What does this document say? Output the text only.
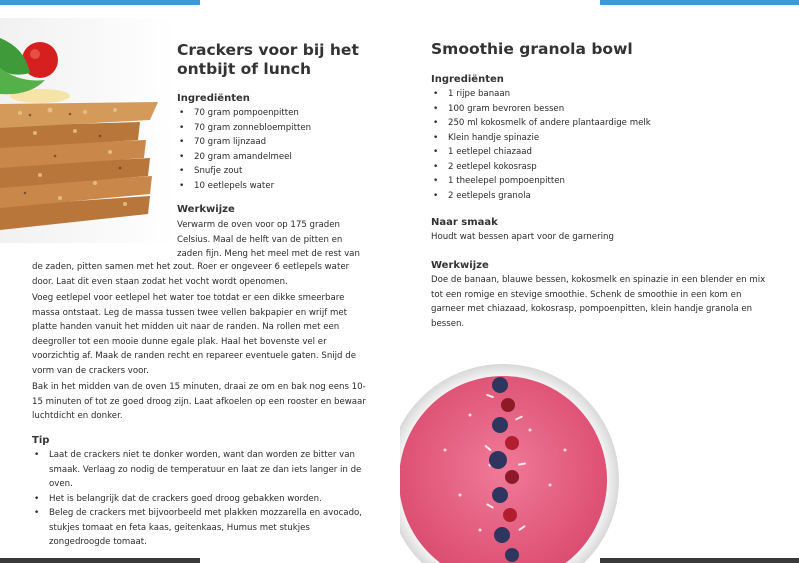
Crackers voor bij het ontbijt of lunch
Ingrediënten
• 70 gram pompoenpitten
• 70 gram zonnebloempitten
• 70 gram lijnzaad
• 20 gram amandelmeel
• Snufje zout
• 10 eetlepels water
Werkwijze
Verwarm de oven voor op 175 graden Celsius. Maal de helft van de pitten en zaden fijn. Meng het meel met de rest van
de zaden, pitten samen met het zout. Roer er ongeveer 6 eetlepels water door. Laat dit even staan zodat het vocht wordt openomen.
Voeg eetlepel voor eetlepel het water toe totdat er een dikke smeerbare massa ontstaat. Leg de massa tussen twee vellen bakpapier en wrijf met platte handen vanuit het midden uit naar de randen. Na rollen met een deegroller tot een mooie dunne egale plak. Haal het bovenste vel er voorzichtig af. Maak de randen recht en repareer eventuele gaten. Snijd de vorm van de crackers voor.
Bak in het midden van de oven 15 minuten, draai ze om en bak nog eens 10-15 minuten of tot ze goed droog zijn. Laat afkoelen op een rooster en bewaar luchtdicht en donker.
Tip
• Laat de crackers niet te donker worden, want dan worden ze bitter van smaak. Verlaag zo nodig de temperatuur en laat ze dan iets langer in de oven.
• Het is belangrijk dat de crackers goed droog gebakken worden.
• Beleg de crackers met bijvoorbeeld met plakken mozzarella en avocado, stukjes tomaat en feta kaas, geitenkaas, Humus met stukjes zongedroogde tomaat.
Smoothie granola bowl
Ingrediënten
• 1 rijpe banaan
• 100 gram bevroren bessen
• 250 ml kokosmelk of andere plantaardige melk
• Klein handje spinazie
• 1 eetlepel chiazaad
• 2 eetlepel kokosrasp
• 1 theelepel pompoenpitten
• 2 eetlepels granola
Naar smaak
Houdt wat bessen apart voor de garnering
Werkwijze
Doe de banaan, blauwe bessen, kokosmelk en spinazie in een blender en mix tot een romige en stevige smoothie. Schenk de smoothie in een kom en garneer met chiazaad, kokosrasp, pompoenpitten, klein handje granola en bessen.
